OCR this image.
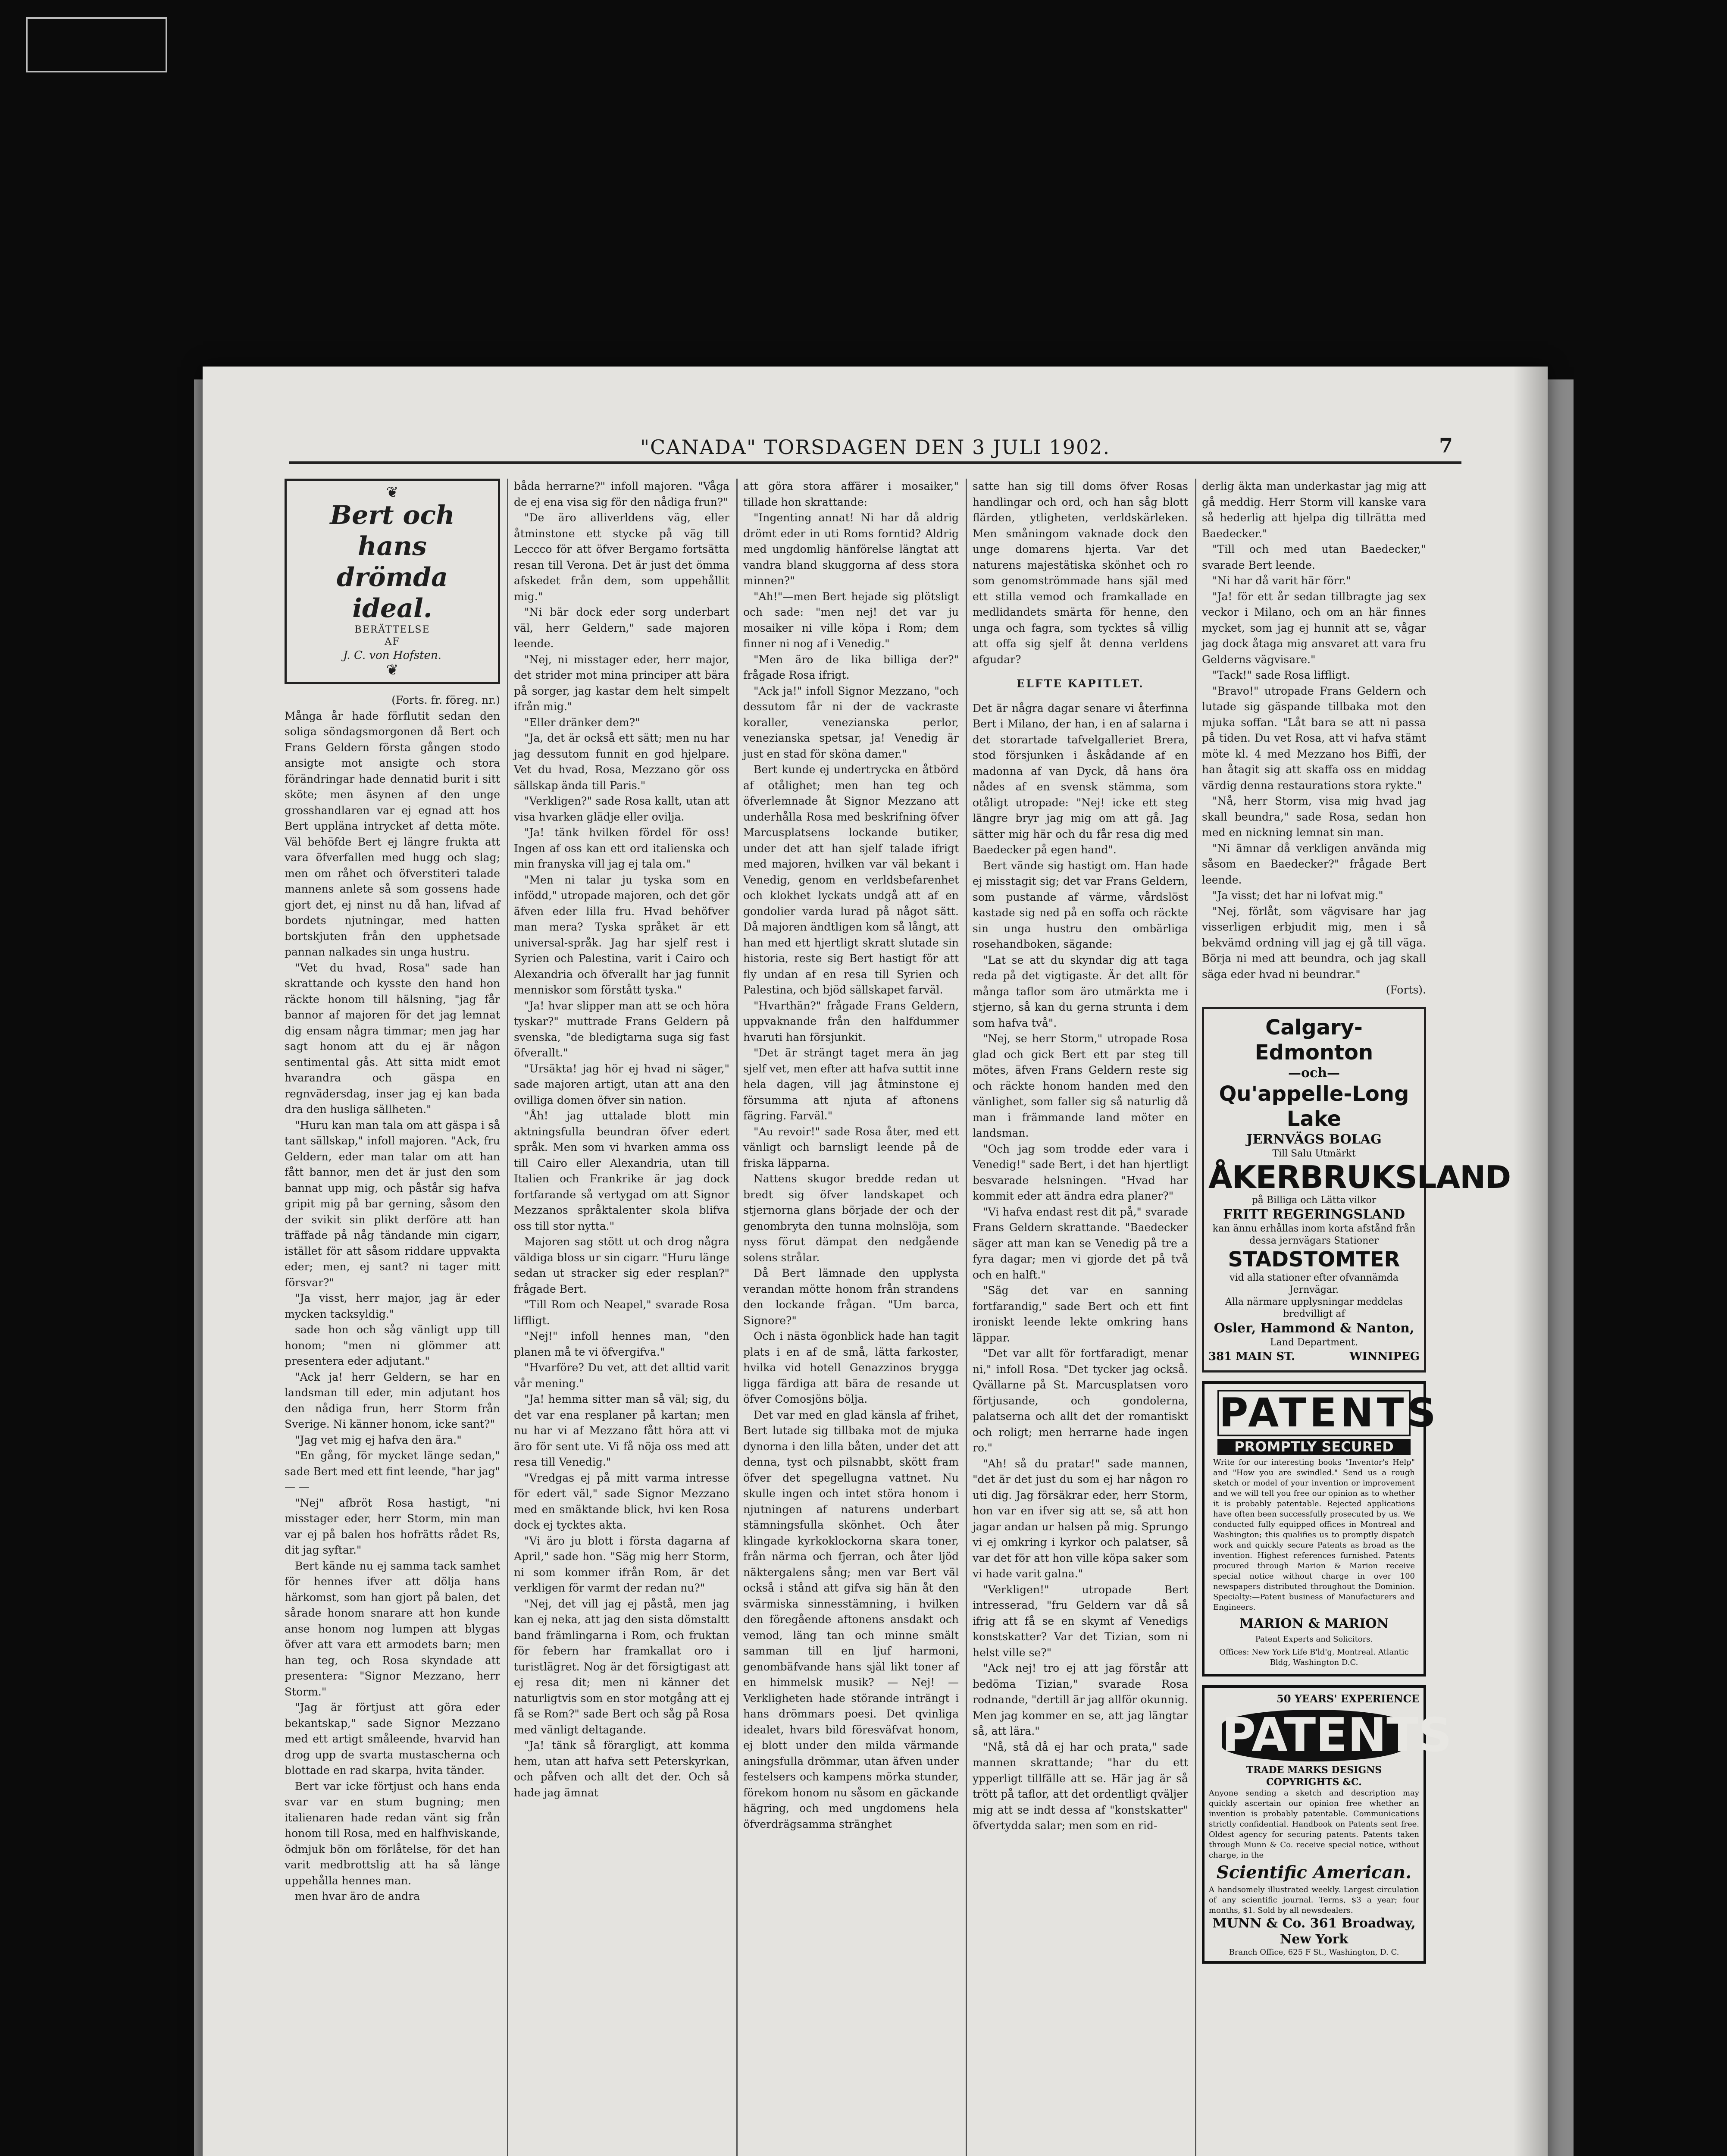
"CANADA" TORSDAGEN DEN 3 JULI 1902.	7
❦
Bert och hans
drömda ideal.
BERÄTTELSE
AF
J. C. von Hofsten.
❦

(Forts. fr. föreg. nr.)

Många år hade förflutit sedan den soliga söndagsmorgonen då Bert och Frans Geldern första gången stodo ansigte mot ansigte och stora förändringar hade dennatid burit i sitt sköte; men äsynen af den unge grosshandlaren var ej egnad att hos Bert uppläna intrycket af detta möte. Väl behöfde Bert ej längre frukta att vara öfverfallen med hugg och slag; men om råhet och öfverstiteri talade mannens anlete så som gossens hade gjort det, ej ninst nu då han, lifvad af bordets njutningar, med hatten bortskjuten från den upphetsade pannan nalkades sin unga hustru.

"Vet du hvad, Rosa" sade han skrattande och kysste den hand hon räckte honom till hälsning, "jag får bannor af majoren för det jag lemnat dig ensam några timmar; men jag har sagt honom att du ej är någon sentimental gås. Att sitta midt emot hvarandra och gäspa en regnvädersdag, inser jag ej kan bada dra den husliga sällheten."

"Huru kan man tala om att gäspa i så tant sällskap," infoll majoren. "Ack, fru Geldern, eder man talar om att han fått bannor, men det är just den som bannat upp mig, och påstår sig hafva gripit mig på bar gerning, såsom den der svikit sin plikt derföre att han träffade på någ tändande min cigarr, istället för att såsom riddare uppvakta eder; men, ej sant? ni tager mitt försvar?"

"Ja visst, herr major, jag är eder mycken tacksyldig."

sade hon och såg vänligt upp till honom; "men ni glömmer att presentera eder adjutant."

"Ack ja! herr Geldern, se har en landsman till eder, min adjutant hos den nådiga frun, herr Storm från Sverige. Ni känner honom, icke sant?"

"Jag vet mig ej hafva den ära."

"En gång, för mycket länge sedan," sade Bert med ett fint leende, "har jag" — —

"Nej" afbröt Rosa hastigt, "ni misstager eder, herr Storm, min man var ej på balen hos hofrätts rådet Rs, dit jag syftar."

Bert kände nu ej samma tack samhet för hennes ifver att dölja hans härkomst, som han gjort på balen, det sårade honom snarare att hon kunde anse honom nog lumpen att blygas öfver att vara ett armodets barn; men han teg, och Rosa skyndade att presentera: "Signor Mezzano, herr Storm."

"Jag är förtjust att göra eder bekantskap," sade Signor Mezzano med ett artigt småleende, hvarvid han drog upp de svarta mustascherna och blottade en rad skarpa, hvita tänder.

Bert var icke förtjust och hans enda svar var en stum bugning; men italienaren hade redan vänt sig från honom till Rosa, med en halfhviskande, ödmjuk bön om förlåtelse, för det han varit medbrottslig att ha så länge uppehålla hennes man.

men hvar äro de andra

båda herrarne?" infoll majoren. "Våga de ej ena visa sig för den nådiga frun?"

"De äro alliverldens väg, eller åtminstone ett stycke på väg till Leccco för att öfver Bergamo fortsätta resan till Verona. Det är just det ömma afskedet från dem, som uppehållit mig."

"Ni bär dock eder sorg underbart väl, herr Geldern," sade majoren leende.

"Nej, ni misstager eder, herr major, det strider mot mina principer att bära på sorger, jag kastar dem helt simpelt ifrån mig."

"Eller dränker dem?"

"Ja, det är också ett sätt; men nu har jag dessutom funnit en god hjelpare. Vet du hvad, Rosa, Mezzano gör oss sällskap ända till Paris."

"Verkligen?" sade Rosa kallt, utan att visa hvarken glädje eller ovilja.

"Ja! tänk hvilken fördel för oss! Ingen af oss kan ett ord italienska och min franyska vill jag ej tala om."

"Men ni talar ju tyska som en infödd," utropade majoren, och det gör äfven eder lilla fru. Hvad behöfver man mera? Tyska språket är ett universal-språk. Jag har sjelf rest i Syrien och Palestina, varit i Cairo och Alexandria och öfverallt har jag funnit menniskor som förstått tyska."

"Ja! hvar slipper man att se och höra tyskar?" muttrade Frans Geldern på svenska, "de bledigtarna suga sig fast öfverallt."

"Ursäkta! jag hör ej hvad ni säger," sade majoren artigt, utan att ana den ovilliga domen öfver sin nation.

"Åh! jag uttalade blott min aktningsfulla beundran öfver edert språk. Men som vi hvarken amma oss till Cairo eller Alexandria, utan till Italien och Frankrike är jag dock fortfarande så vertygad om att Signor Mezzanos språktalenter skola blifva oss till stor nytta."

Majoren sag stött ut och drog några väldiga bloss ur sin cigarr. "Huru länge sedan ut stracker sig eder resplan?" frågade Bert.

"Till Rom och Neapel," svarade Rosa liffligt.

"Nej!" infoll hennes man, "den planen må te vi öfvergifva."

"Hvarföre? Du vet, att det alltid varit vår mening."

"Ja! hemma sitter man så väl; sig, du det var ena resplaner på kartan; men nu har vi af Mezzano fått höra att vi äro för sent ute. Vi få nöja oss med att resa till Venedig."

"Vredgas ej på mitt varma intresse för edert väl," sade Signor Mezzano med en smäktande blick, hvi ken Rosa dock ej tycktes akta.

"Vi äro ju blott i första dagarna af April," sade hon. "Säg mig herr Storm, ni som kommer ifrån Rom, är det verkligen för varmt der redan nu?"

"Nej, det vill jag ej påstå, men jag kan ej neka, att jag den sista dömstaltt band främlingarna i Rom, och fruktan för febern har framkallat oro i turistlägret. Nog är det försigtigast att ej resa dit; men ni känner det naturligtvis som en stor motgång att ej få se Rom?" sade Bert och såg på Rosa med vänligt deltagande.

"Ja! tänk så förargligt, att komma hem, utan att hafva sett Peterskyrkan, och påfven och allt det der. Och så hade jag ämnat

att göra stora affärer i mosaiker," tillade hon skrattande:

"Ingenting annat! Ni har då aldrig drömt eder in uti Roms forntid? Aldrig med ungdomlig hänförelse längtat att vandra bland skuggorna af dess stora minnen?"

"Ah!"—men Bert hejade sig plötsligt och sade: "men nej! det var ju mosaiker ni ville köpa i Rom; dem finner ni nog af i Venedig."

"Men äro de lika billiga der?" frågade Rosa ifrigt.

"Ack ja!" infoll Signor Mezzano, "och dessutom får ni der de vackraste koraller, venezianska perlor, venezianska spetsar, ja! Venedig är just en stad för sköna damer."

Bert kunde ej undertrycka en åtbörd af otålighet; men han teg och öfverlemnade åt Signor Mezzano att underhålla Rosa med beskrifning öfver Marcusplatsens lockande butiker, under det att han sjelf talade ifrigt med majoren, hvilken var väl bekant i Venedig, genom en verldsbefarenhet och klokhet lyckats undgå att af en gondolier varda lurad på något sätt. Då majoren ändtligen kom så långt, att han med ett hjertligt skratt slutade sin historia, reste sig Bert hastigt för att fly undan af en resa till Syrien och Palestina, och bjöd sällskapet farväl.

"Hvarthän?" frågade Frans Geldern, uppvaknande från den halfdummer hvaruti han försjunkit.

"Det är strängt taget mera än jag sjelf vet, men efter att hafva suttit inne hela dagen, vill jag åtminstone ej försumma att njuta af aftonens fägring. Farväl."

"Au revoir!" sade Rosa åter, med ett vänligt och barnsligt leende på de friska läpparna.

Nattens skugor bredde redan ut bredt sig öfver landskapet och stjernorna glans började der och der genombryta den tunna molnslöja, som nyss förut dämpat den nedgående solens strålar.

Då Bert lämnade den upplysta verandan mötte honom från strandens den lockande frågan. "Um barca, Signore?"

Och i nästa ögonblick hade han tagit plats i en af de små, lätta farkoster, hvilka vid hotell Genazzinos brygga ligga färdiga att bära de resande ut öfver Comosjöns bölja.

Det var med en glad känsla af frihet, Bert lutade sig tillbaka mot de mjuka dynorna i den lilla båten, under det att denna, tyst och pilsnabbt, skött fram öfver det spegellugna vattnet. Nu skulle ingen och intet störa honom i njutningen af naturens underbart stämningsfulla skönhet. Och åter klingade kyrkoklockorna skara toner, från närma och fjerran, och åter ljöd näktergalens sång; men var Bert väl också i stånd att gifva sig hän åt den svärmiska sinnesstämning, i hvilken den föregående aftonens ansdakt och vemod, läng tan och minne smält samman till en ljuf harmoni, genombäfvande hans själ likt toner af en himmelsk musik? — Nej! — Verkligheten hade störande inträngt i hans drömmars poesi. Det qvinliga idealet, hvars bild föresväfvat honom, ej blott under den milda värmande aningsfulla drömmar, utan äfven under festelsers och kampens mörka stunder, förekom honom nu såsom en gäckande hägring, och med ungdomens hela öfverdrägsamma stränghet

satte han sig till doms öfver Rosas handlingar och ord, och han såg blott flärden, ytligheten, verldskärleken. Men småningom vaknade dock den unge domarens hjerta. Var det naturens majestätiska skönhet och ro som genomströmmade hans själ med ett stilla vemod och framkallade en medlidandets smärta för henne, den unga och fagra, som tycktes så villig att offa sig sjelf åt denna verldens afgudar?

ELFTE KAPITLET.

Det är några dagar senare vi återfinna Bert i Milano, der han, i en af salarna i det storartade tafvelgalleriet Brera, stod försjunken i åskådande af en madonna af van Dyck, då hans öra nådes af en svensk stämma, som otåligt utropade: "Nej! icke ett steg längre bryr jag mig om att gå. Jag sätter mig här och du får resa dig med Baedecker på egen hand".

Bert vände sig hastigt om. Han hade ej misstagit sig; det var Frans Geldern, som pustande af värme, vårdslöst kastade sig ned på en soffa och räckte sin unga hustru den ombärliga rosehandboken, sägande:

"Lat se att du skyndar dig att taga reda på det vigtigaste. Är det allt för många taflor som äro utmärkta me i stjerno, så kan du gerna strunta i dem som hafva två".

"Nej, se herr Storm," utropade Rosa glad och gick Bert ett par steg till mötes, äfven Frans Geldern reste sig och räckte honom handen med den vänlighet, som faller sig så naturlig då man i främmande land möter en landsman.

"Och jag som trodde eder vara i Venedig!" sade Bert, i det han hjertligt besvarade helsningen. "Hvad har kommit eder att ändra edra planer?"

"Vi hafva endast rest dit på," svarade Frans Geldern skrattande. "Baedecker säger att man kan se Venedig på tre a fyra dagar; men vi gjorde det på två och en halft."

"Säg det var en sanning fortfarandig," sade Bert och ett fint ironiskt leende lekte omkring hans läppar.

"Det var allt för fortfaradigt, menar ni," infoll Rosa. "Det tycker jag också. Qvällarne på St. Marcusplatsen voro förtjusande, och gondolerna, palatserna och allt det der romantiskt och roligt; men herrarne hade ingen ro."

"Ah! så du pratar!" sade mannen, "det är det just du som ej har någon ro uti dig. Jag försäkrar eder, herr Storm, hon var en ifver sig att se, så att hon jagar andan ur halsen på mig. Sprungo vi ej omkring i kyrkor och palatser, så var det för att hon ville köpa saker som vi hade varit galna."

"Verkligen!" utropade Bert intresserad, "fru Geldern var då så ifrig att få se en skymt af Venedigs konstskatter? Var det Tizian, som ni helst ville se?"

"Ack nej! tro ej att jag förstår att bedöma Tizian," svarade Rosa rodnande, "dertill är jag allför okunnig. Men jag kommer en se, att jag längtar så, att lära."

"Nå, stå då ej har och prata," sade mannen skrattande; "har du ett ypperligt tillfälle att se. Här jag är så trött på taflor, att det ordentligt qväljer mig att se indt dessa af "konstskatter" öfvertydda salar; men som en rid-

derlig äkta man underkastar jag mig att gå meddig. Herr Storm vill kanske vara så hederlig att hjelpa dig tillrätta med Baedecker."

"Till och med utan Baedecker," svarade Bert leende.

"Ni har då varit här förr."

"Ja! för ett år sedan tillbragte jag sex veckor i Milano, och om an här finnes mycket, som jag ej hunnit att se, vågar jag dock åtaga mig ansvaret att vara fru Gelderns vägvisare."

"Tack!" sade Rosa liffligt.

"Bravo!" utropade Frans Geldern och lutade sig gäspande tillbaka mot den mjuka soffan. "Låt bara se att ni passa på tiden. Du vet Rosa, att vi hafva stämt möte kl. 4 med Mezzano hos Biffi, der han åtagit sig att skaffa oss en middag värdig denna restaurations stora rykte."

"Nå, herr Storm, visa mig hvad jag skall beundra," sade Rosa, sedan hon med en nickning lemnat sin man.

"Ni ämnar då verkligen använda mig såsom en Baedecker?" frågade Bert leende.

"Ja visst; det har ni lofvat mig."

"Nej, förlåt, som vägvisare har jag visserligen erbjudit mig, men i så bekvämd ordning vill jag ej gå till väga. Börja ni med att beundra, och jag skall säga eder hvad ni beundrar."

(Forts).

Calgary-Edmonton
—och—
Qu'appelle-Long Lake
JERNVÄGS BOLAG
Till Salu Utmärkt
ÅKERBRUKSLAND
på Billiga och Lätta vilkor
FRITT REGERINGSLAND
kan ännu erhållas inom korta afstånd från dessa jernvägars Stationer
STADSTOMTER
vid alla stationer efter ofvannämda Jernvägar.
Alla närmare upplysningar meddelas bredvilligt af
Osler, Hammond & Nanton,
Land Department.
381 MAIN ST.	WINNIPEG
PATENTS
PROMPTLY SECURED
Write for our interesting books "Inventor's Help" and "How you are swindled." Send us a rough sketch or model of your invention or improvement and we will tell you free our opinion as to whether it is probably patentable. Rejected applications have often been successfully prosecuted by us. We conducted fully equipped offices in Montreal and Washington; this qualifies us to promptly dispatch work and quickly secure Patents as broad as the invention. Highest references furnished. Patents procured through Marion & Marion receive special notice without charge in over 100 newspapers distributed throughout the Dominion. Specialty:—Patent business of Manufacturers and Engineers.
MARION & MARION
Patent Experts and Solicitors.
Offices: New York Life B'ld'g, Montreal. Atlantic Bldg, Washington D.C.
50 YEARS' EXPERIENCE
PATENTS
TRADE MARKS DESIGNS COPYRIGHTS &C.
Anyone sending a sketch and description may quickly ascertain our opinion free whether an invention is probably patentable. Communications strictly confidential. Handbook on Patents sent free. Oldest agency for securing patents. Patents taken through Munn & Co. receive special notice, without charge, in the
Scientific American.
A handsomely illustrated weekly. Largest circulation of any scientific journal. Terms, $3 a year; four months, $1. Sold by all newsdealers.
MUNN & Co. 361 Broadway, New York
Branch Office, 625 F St., Washington, D. C.
